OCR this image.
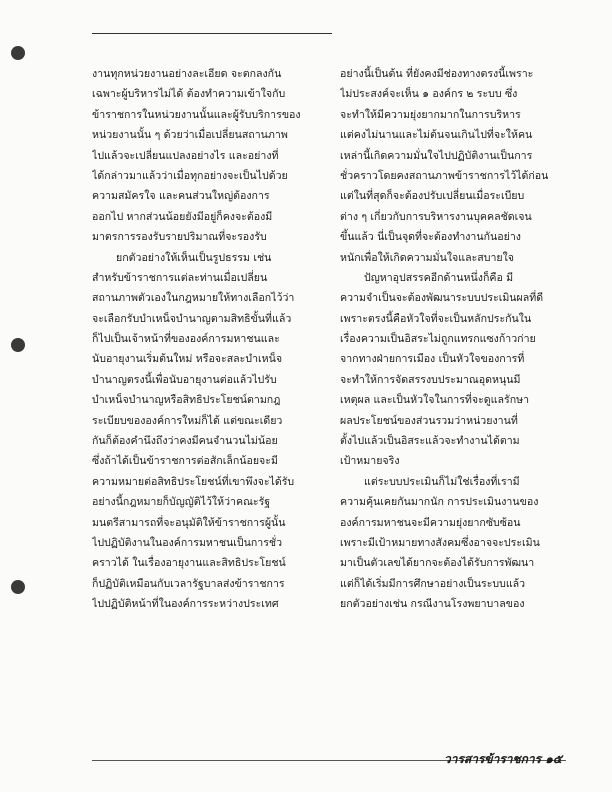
งานทุกหน่วยงานอย่างละเอียด จะตกลงกัน
เฉพาะผู้บริหารไม่ได้ ต้องทำความเข้าใจกับ
ข้าราชการในหน่วยงานนั้นและผู้รับบริการของ
หน่วยงานนั้น ๆ ด้วยว่าเมื่อเปลี่ยนสถานภาพ
ไปแล้วจะเปลี่ยนแปลงอย่างไร และอย่างที่
ได้กล่าวมาแล้วว่าเมื่อทุกอย่างจะเป็นไปด้วย
ความสมัครใจ และคนส่วนใหญ่ต้องการ
ออกไป หากส่วนน้อยยังมีอยู่ก็คงจะต้องมี
มาตรการรองรับรายปริมาณที่จะรองรับ
ยกตัวอย่างให้เห็นเป็นรูปธรรม เช่น
สำหรับข้าราชการแต่ละท่านเมื่อเปลี่ยน
สถานภาพตัวเองในกฎหมายให้ทางเลือกไว้ว่า
จะเลือกรับบำเหน็จบำนาญตามสิทธิขั้นที่แล้ว
ก็ไปเป็นเจ้าหน้าที่ขององค์การมหาชนและ
นับอายุงานเริ่มต้นใหม่ หรือจะสละบำเหน็จ
บำนาญตรงนี้เพื่อนับอายุงานต่อแล้วไปรับ
บำเหน็จบำนาญหรือสิทธิประโยชน์ตามกฎ
ระเบียบขององค์การใหม่ก็ได้ แต่ขณะเดียว
กันก็ต้องคำนึงถึงว่าคงมีคนจำนวนไม่น้อย
ซึ่งถ้าได้เป็นข้าราชการต่อสักเล็กน้อยจะมี
ความหมายต่อสิทธิประโยชน์ที่เขาพึงจะได้รับ
อย่างนี้กฎหมายก็บัญญัติไว้ให้ว่าคณะรัฐ
มนตรีสามารถที่จะอนุมัติให้ข้าราชการผู้นั้น
ไปปฏิบัติงานในองค์การมหาชนเป็นการชั่ว
คราวได้ ในเรื่องอายุงานและสิทธิประโยชน์
ก็ปฏิบัติเหมือนกับเวลารัฐบาลส่งข้าราชการ
ไปปฏิบัติหน้าที่ในองค์การระหว่างประเทศ
อย่างนี้เป็นต้น ที่ยังคงมีช่องทางตรงนี้เพราะ
ไม่ประสงค์จะเห็น ๑ องค์กร ๒ ระบบ ซึ่ง
จะทำให้มีความยุ่งยากมากในการบริหาร
แต่คงไม่นานและไม่ต้นจนเกินไปที่จะให้คน
เหล่านี้เกิดความมั่นใจไปปฏิบัติงานเป็นการ
ชั่วคราวโดยคงสถานภาพข้าราชการไว้ได้ก่อน
แต่ในที่สุดก็จะต้องปรับเปลี่ยนเมื่อระเบียบ
ต่าง ๆ เกี่ยวกับการบริหารงานบุคคลชัดเจน
ขึ้นแล้ว นี่เป็นจุดที่จะต้องทำงานกันอย่าง
หนักเพื่อให้เกิดความมั่นใจและสบายใจ
ปัญหาอุปสรรคอีกด้านหนึ่งก็คือ มี
ความจำเป็นจะต้องพัฒนาระบบประเมินผลที่ดี
เพราะตรงนี้คือหัวใจที่จะเป็นหลักประกันใน
เรื่องความเป็นอิสระไม่ถูกแทรกแซงก้าวก่าย
จากทางฝ่ายการเมือง เป็นหัวใจของการที่
จะทำให้การจัดสรรงบประมาณอุดหนุนมี
เหตุผล และเป็นหัวใจในการที่จะดูแลรักษา
ผลประโยชน์ของส่วนรวมว่าหน่วยงานที่
ตั้งไปแล้วเป็นอิสระแล้วจะทำงานได้ตาม
เป้าหมายจริง
แต่ระบบประเมินก็ไม่ใช่เรื่องที่เรามี
ความคุ้นเคยกันมากนัก การประเมินงานของ
องค์การมหาชนจะมีความยุ่งยากซับซ้อน
เพราะมีเป้าหมายทางสังคมซึ่งอาจจะประเมิน
มาเป็นตัวเลขได้ยากจะต้องได้รับการพัฒนา
แต่ก็ได้เริ่มมีการศึกษาอย่างเป็นระบบแล้ว
ยกตัวอย่างเช่น กรณีงานโรงพยาบาลของ
วารสารข้าราชการ ๑๕
